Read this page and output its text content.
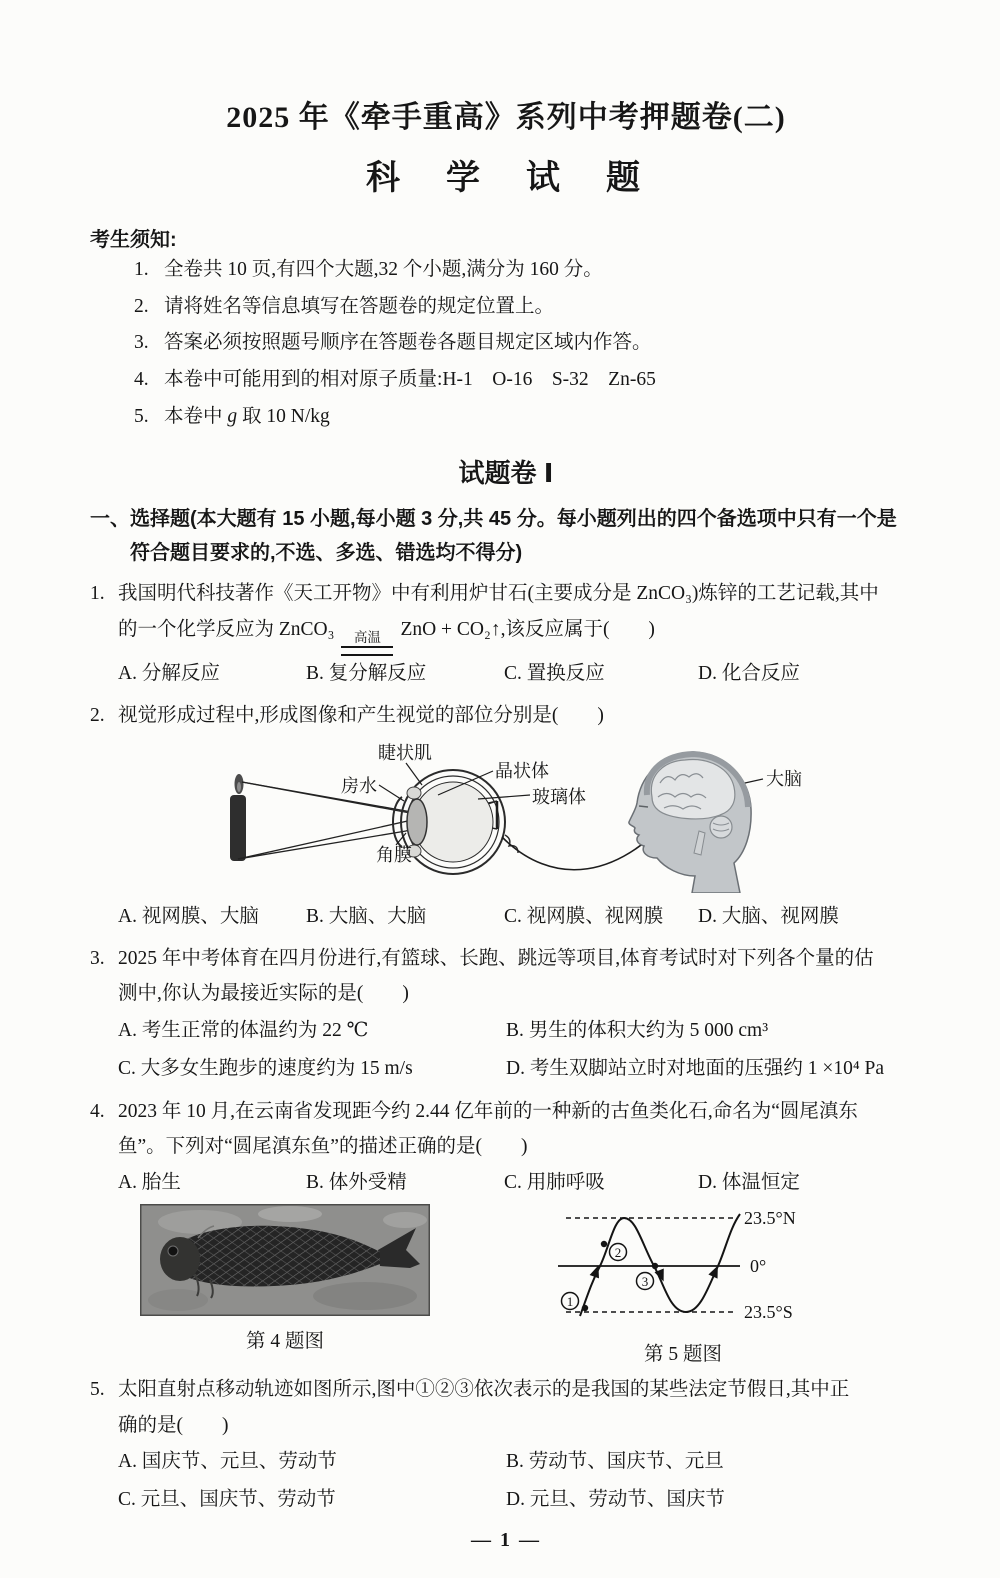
2025 年《牵手重高》系列中考押题卷(二)
科　学　试　题
考生须知:
1. 全卷共 10 页,有四个大题,32 个小题,满分为 160 分。
2. 请将姓名等信息填写在答题卷的规定位置上。
3. 答案必须按照题号顺序在答题卷各题目规定区域内作答。
4. 本卷中可能用到的相对原子质量:H-1　O-16　S-32　Zn-65
5. 本卷中 g 取 10 N/kg
试题卷 Ⅰ
一、 选择题(本大题有 15 小题,每小题 3 分,共 45 分。每小题列出的四个备选项中只有一个是
符合题目要求的,不选、多选、错选均不得分)
1. 我国明代科技著作《天工开物》中有利用炉甘石(主要成分是 ZnCO₃)炼锌的工艺记载,其中
的一个化学反应为 ZnCO₃ 高温 ZnO + CO₂↑,该反应属于(　　)
A. 分解反应	B. 复分解反应	C. 置换反应	D. 化合反应
2. 视觉形成过程中,形成图像和产生视觉的部位分别是(　　)
睫状肌
房水
晶状体
玻璃体
角膜
大脑
A. 视网膜、大脑	B. 大脑、大脑	C. 视网膜、视网膜	D. 大脑、视网膜
3. 2025 年中考体育在四月份进行,有篮球、长跑、跳远等项目,体育考试时对下列各个量的估
测中,你认为最接近实际的是(　　)
A. 考生正常的体温约为 22 ℃	B. 男生的体积大约为 5 000 cm³
C. 大多女生跑步的速度约为 15 m/s	D. 考生双脚站立时对地面的压强约 1 ×10⁴ Pa
4. 2023 年 10 月,在云南省发现距今约 2.44 亿年前的一种新的古鱼类化石,命名为“圆尾滇东
鱼”。下列对“圆尾滇东鱼”的描述正确的是(　　)
A. 胎生	B. 体外受精	C. 用肺呼吸	D. 体温恒定
第 4 题图
23.5°N
0°
23.5°S
1
2
3
第 5 题图
5. 太阳直射点移动轨迹如图所示,图中①②③依次表示的是我国的某些法定节假日,其中正
确的是(　　)
A. 国庆节、元旦、劳动节	B. 劳动节、国庆节、元旦
C. 元旦、国庆节、劳动节	D. 元旦、劳动节、国庆节
— 1 —
